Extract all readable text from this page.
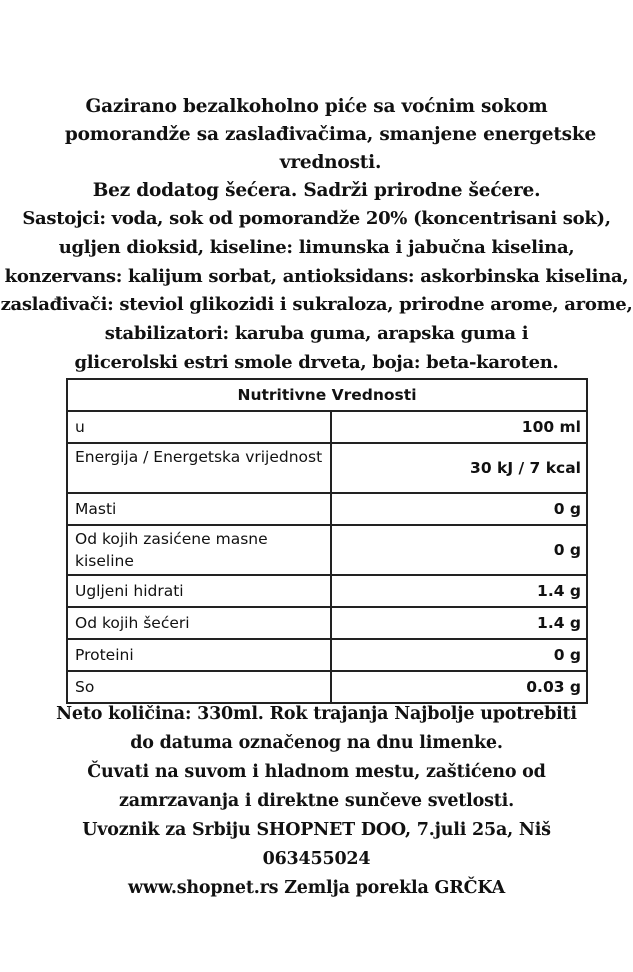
Gazirano bezalkoholno piće sa voćnim sokom
pomorandže sa zaslađivačima, smanjene energetske
vrednosti.
Bez dodatog šećera. Sadrži prirodne šećere.
Sastojci: voda, sok od pomorandže 20% (koncentrisani sok),
ugljen dioksid, kiseline: limunska i jabučna kiselina,
konzervans: kalijum sorbat, antioksidans: askorbinska kiselina,
zaslađivači: steviol glikozidi i sukraloza, prirodne arome, arome,
stabilizatori: karuba guma, arapska guma i
glicerolski estri smole drveta, boja: beta-karoten.
Nutritivne Vrednosti	
u	100 ml

Energija / Energetska vrijednost	30 kJ / 7 kcal
Masti	0 g

Od kojih zasićene masne kiseline	0 g
Ugljeni hidrati	1.4 g
Od kojih šećeri	1.4 g
Proteini	0 g
So	0.03 g
Neto količina: 330ml. Rok trajanja Najbolje upotrebiti
do datuma označenog na dnu limenke.
Čuvati na suvom i hladnom mestu, zaštićeno od
zamrzavanja i direktne sunčeve svetlosti.
Uvoznik za Srbiju SHOPNET DOO, 7.juli 25a, Niš
063455024
www.shopnet.rs Zemlja porekla GRČKA
